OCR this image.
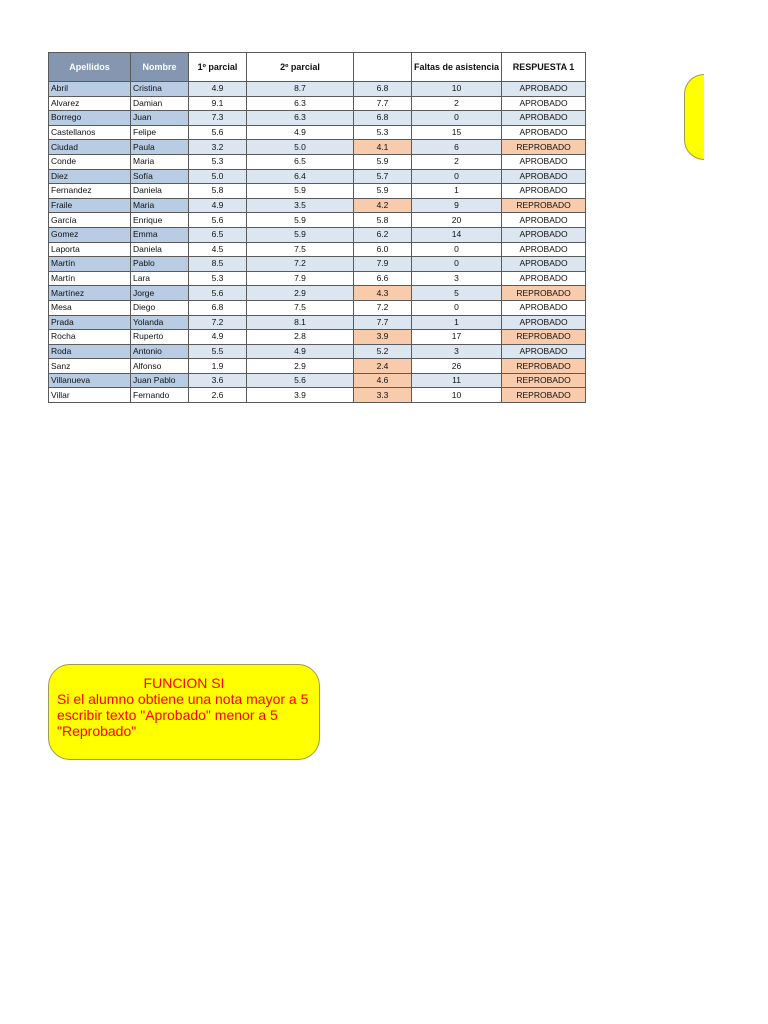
Apellidos	Nombre	1º parcial	2º parcial		Faltas de asistencia	RESPUESTA 1
Abril	Cristina	4.9	8.7	6.8	10	APROBADO
Alvarez	Damian	9.1	6.3	7.7	2	APROBADO
Borrego	Juan	7.3	6.3	6.8	0	APROBADO
Castellanos	Felipe	5.6	4.9	5.3	15	APROBADO
Ciudad	Paula	3.2	5.0	4.1	6	REPROBADO
Conde	Maria	5.3	6.5	5.9	2	APROBADO
Diez	Sofía	5.0	6.4	5.7	0	APROBADO
Fernandez	Daniela	5.8	5.9	5.9	1	APROBADO
Fraile	Maria	4.9	3.5	4.2	9	REPROBADO
García	Enrique	5.6	5.9	5.8	20	APROBADO
Gomez	Emma	6.5	5.9	6.2	14	APROBADO
Laporta	Daniela	4.5	7.5	6.0	0	APROBADO
Martín	Pablo	8.5	7.2	7.9	0	APROBADO
Martín	Lara	5.3	7.9	6.6	3	APROBADO
Martínez	Jorge	5.6	2.9	4.3	5	REPROBADO
Mesa	Diego	6.8	7.5	7.2	0	APROBADO
Prada	Yolanda	7.2	8.1	7.7	1	APROBADO
Rocha	Ruperto	4.9	2.8	3.9	17	REPROBADO
Roda	Antonio	5.5	4.9	5.2	3	APROBADO
Sanz	Alfonso	1.9	2.9	2.4	26	REPROBADO
Villanueva	Juan Pablo	3.6	5.6	4.6	11	REPROBADO
Villar	Fernando	2.6	3.9	3.3	10	REPROBADO
FUNCION SI
Si el alumno obtiene una nota mayor a 5 escribir texto "Aprobado" menor a 5 "Reprobado"
